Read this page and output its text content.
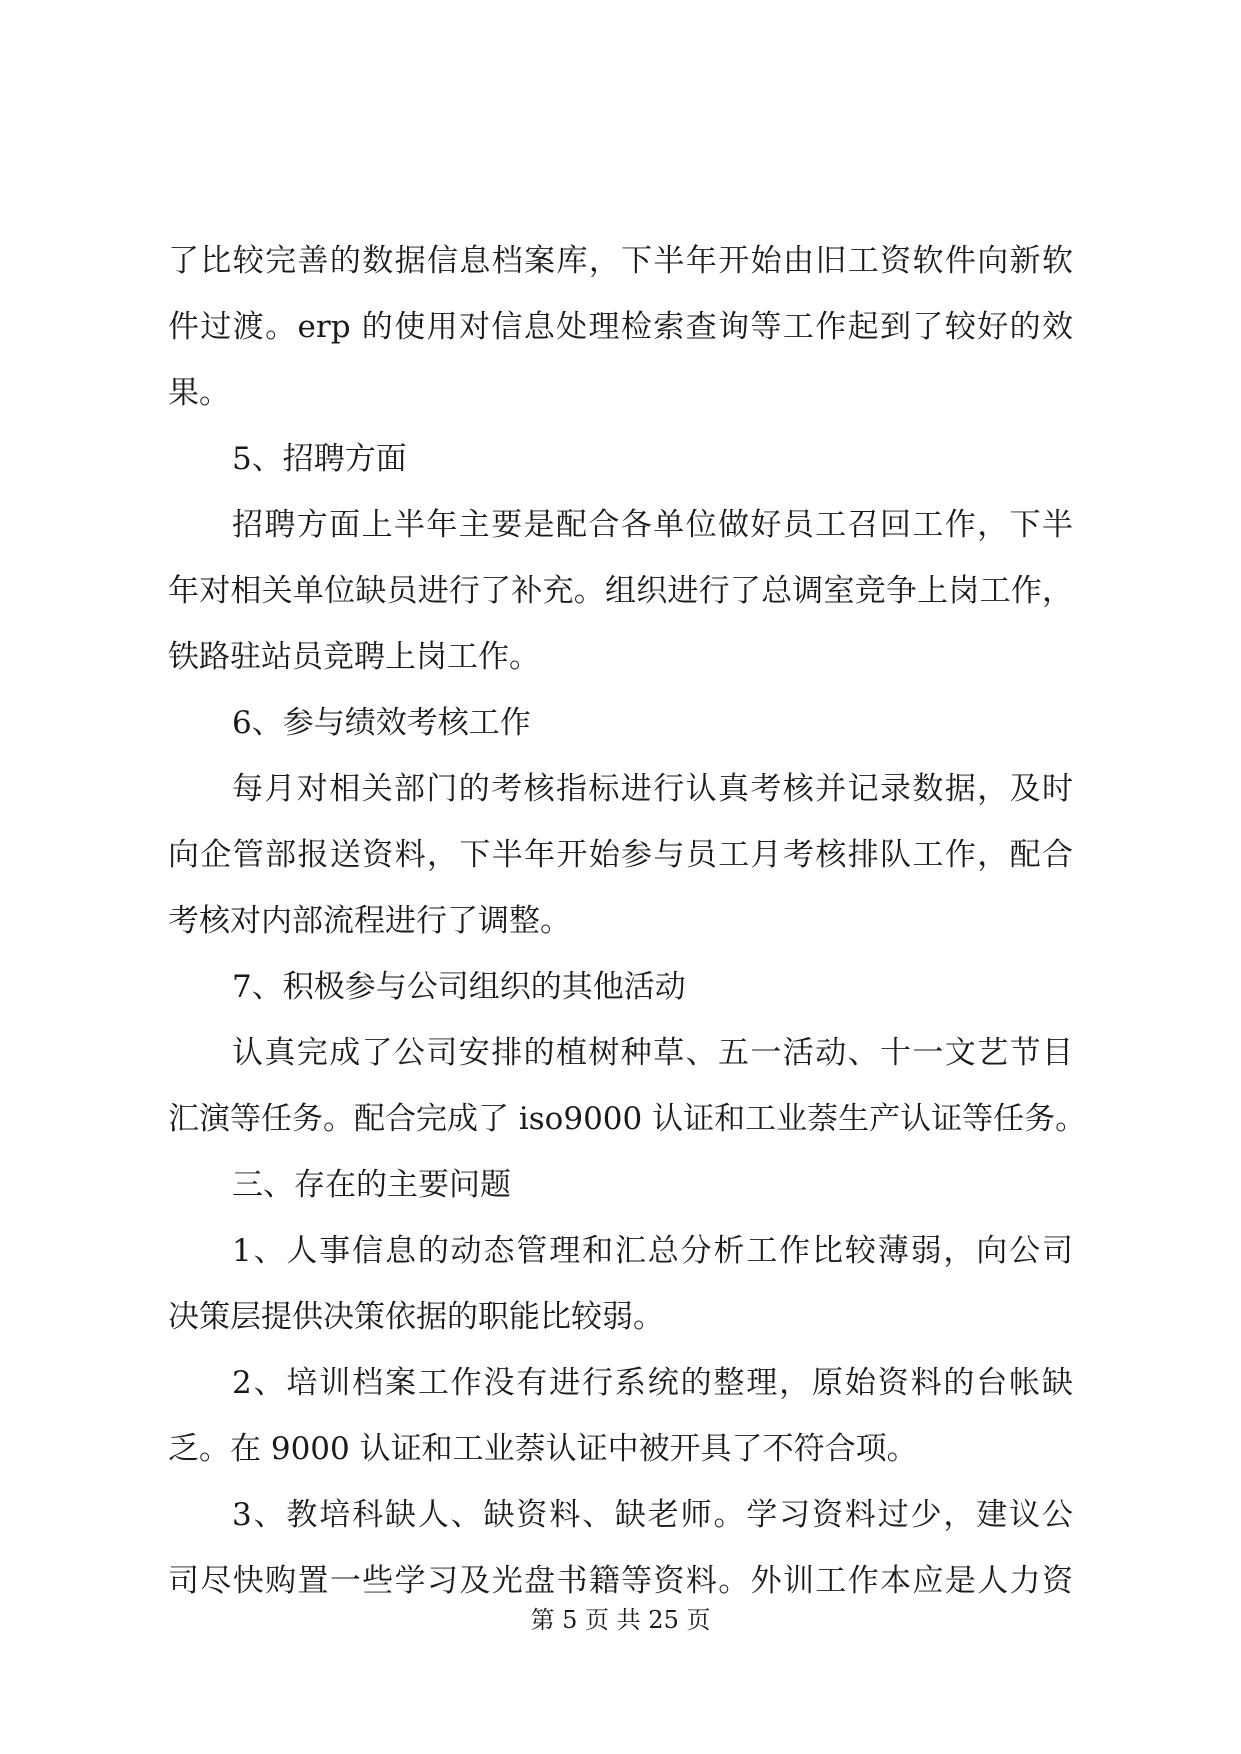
了比较完善的数据信息档案库，下半年开始由旧工资软件向新软
件过渡。erp 的使用对信息处理检索查询等工作起到了较好的效
果。
5、招聘方面
招聘方面上半年主要是配合各单位做好员工召回工作，下半
年对相关单位缺员进行了补充。组织进行了总调室竞争上岗工作，
铁路驻站员竞聘上岗工作。
6、参与绩效考核工作
每月对相关部门的考核指标进行认真考核并记录数据，及时
向企管部报送资料，下半年开始参与员工月考核排队工作，配合
考核对内部流程进行了调整。
7、积极参与公司组织的其他活动
认真完成了公司安排的植树种草、五一活动、十一文艺节目
汇演等任务。配合完成了 iso9000 认证和工业萘生产认证等任务。
三、存在的主要问题
1、人事信息的动态管理和汇总分析工作比较薄弱，向公司
决策层提供决策依据的职能比较弱。
2、培训档案工作没有进行系统的整理，原始资料的台帐缺
乏。在 9000 认证和工业萘认证中被开具了不符合项。
3、教培科缺人、缺资料、缺老师。学习资料过少，建议公
司尽快购置一些学习及光盘书籍等资料。外训工作本应是人力资
第 5 页 共 25 页
